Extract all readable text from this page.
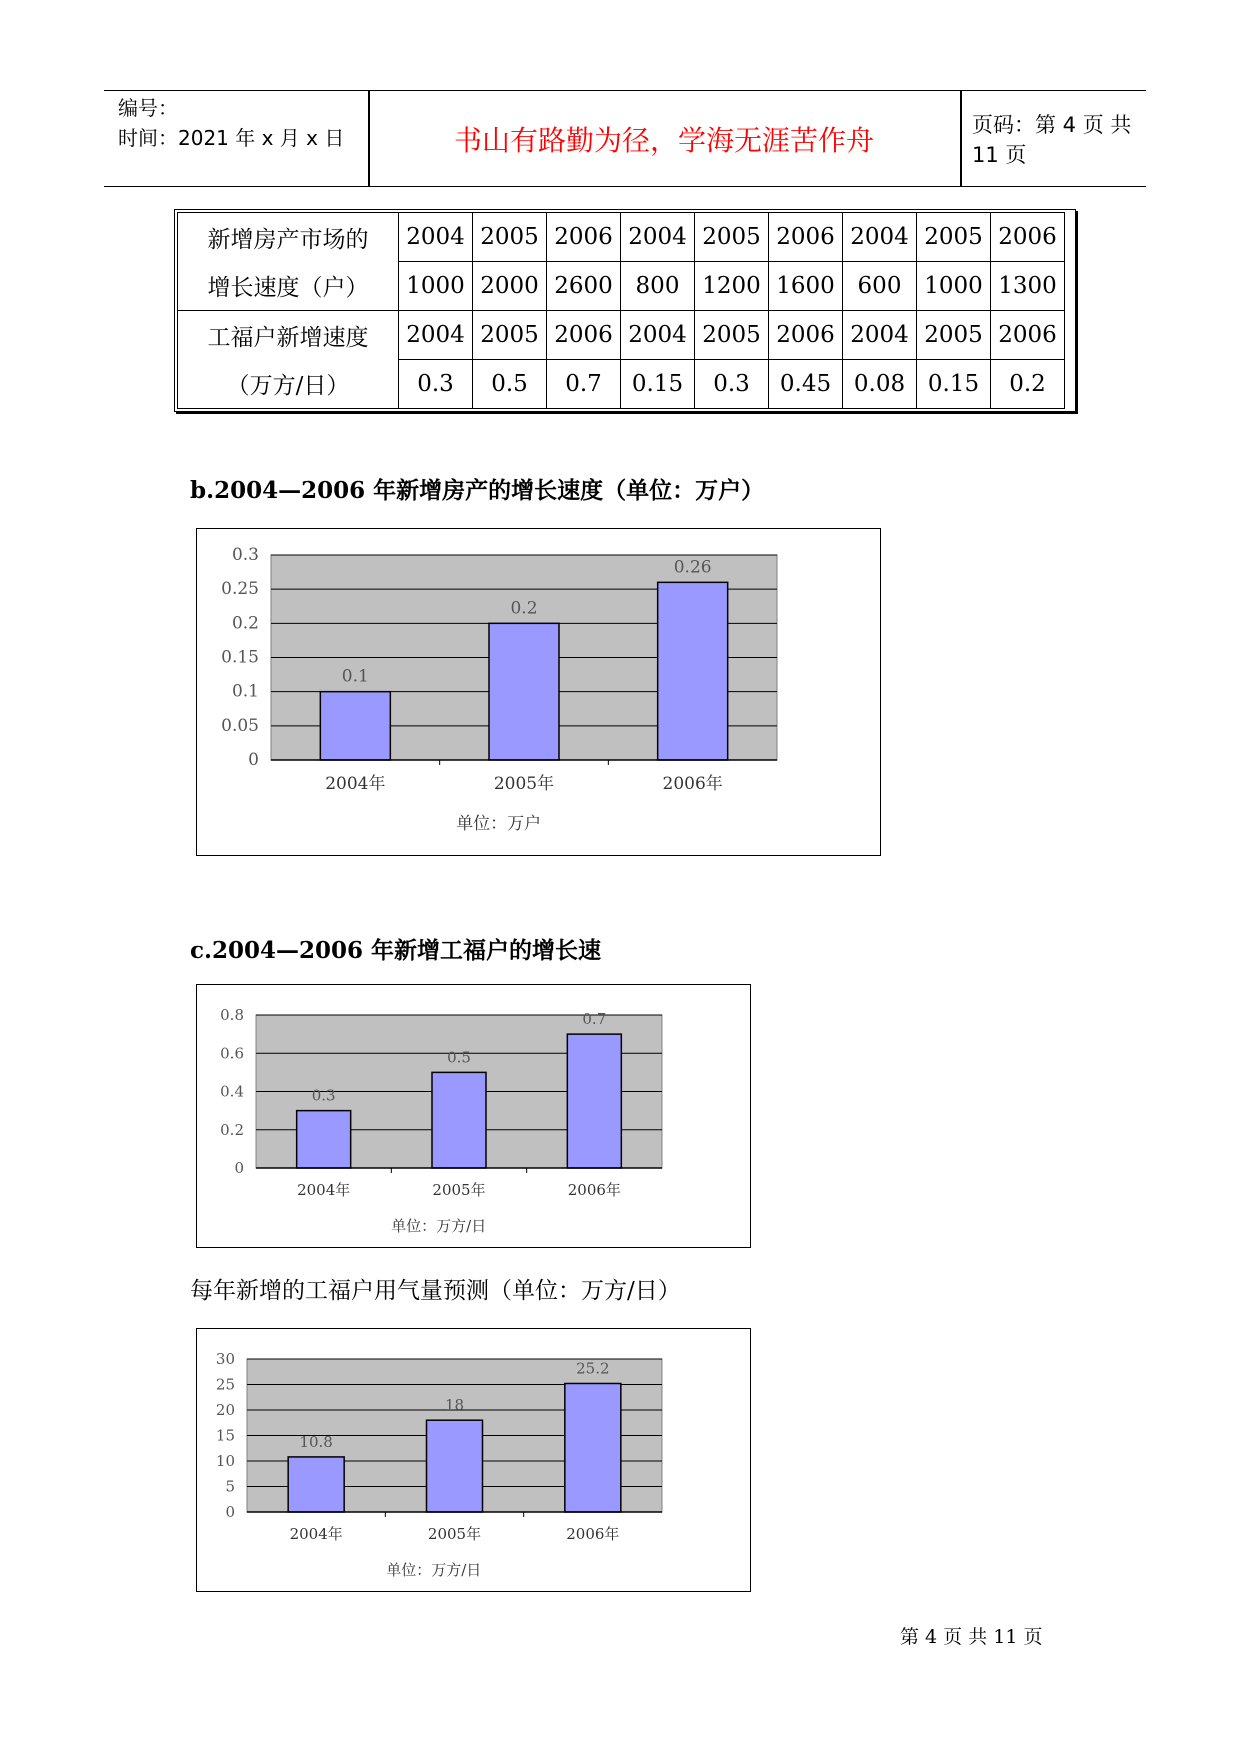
编号：
时间：2021 年 x 月 x 日	书山有路勤为径，学海无涯苦作舟	页码：第 4 页 共 11 页
新增房产市场的	2004	2005	2006	2004	2005	2006	2004	2005	2006
增长速度（户）	1000	2000	2600	800	1200	1600	600	1000	1300
工福户新增速度	2004	2005	2006	2004	2005	2006	2004	2005	2006
（万方/日）	0.3	0.5	0.7	0.15	0.3	0.45	0.08	0.15	0.2
b.2004—2006 年新增房产的增长速度（单位：万户）
0
0.05
0.1
0.15
0.2
0.25
0.3
0.1
2004年
0.2
2005年
0.26
2006年
单位：万户
c.2004—2006 年新增工福户的增长速
0
0.2
0.4
0.6
0.8
0.3
2004年
0.5
2005年
0.7
2006年
单位：万方/日
每年新增的工福户用气量预测（单位：万方/日）
0
5
10
15
20
25
30
10.8
2004年
18
2005年
25.2
2006年
单位：万方/日
第 4 页 共 11 页
